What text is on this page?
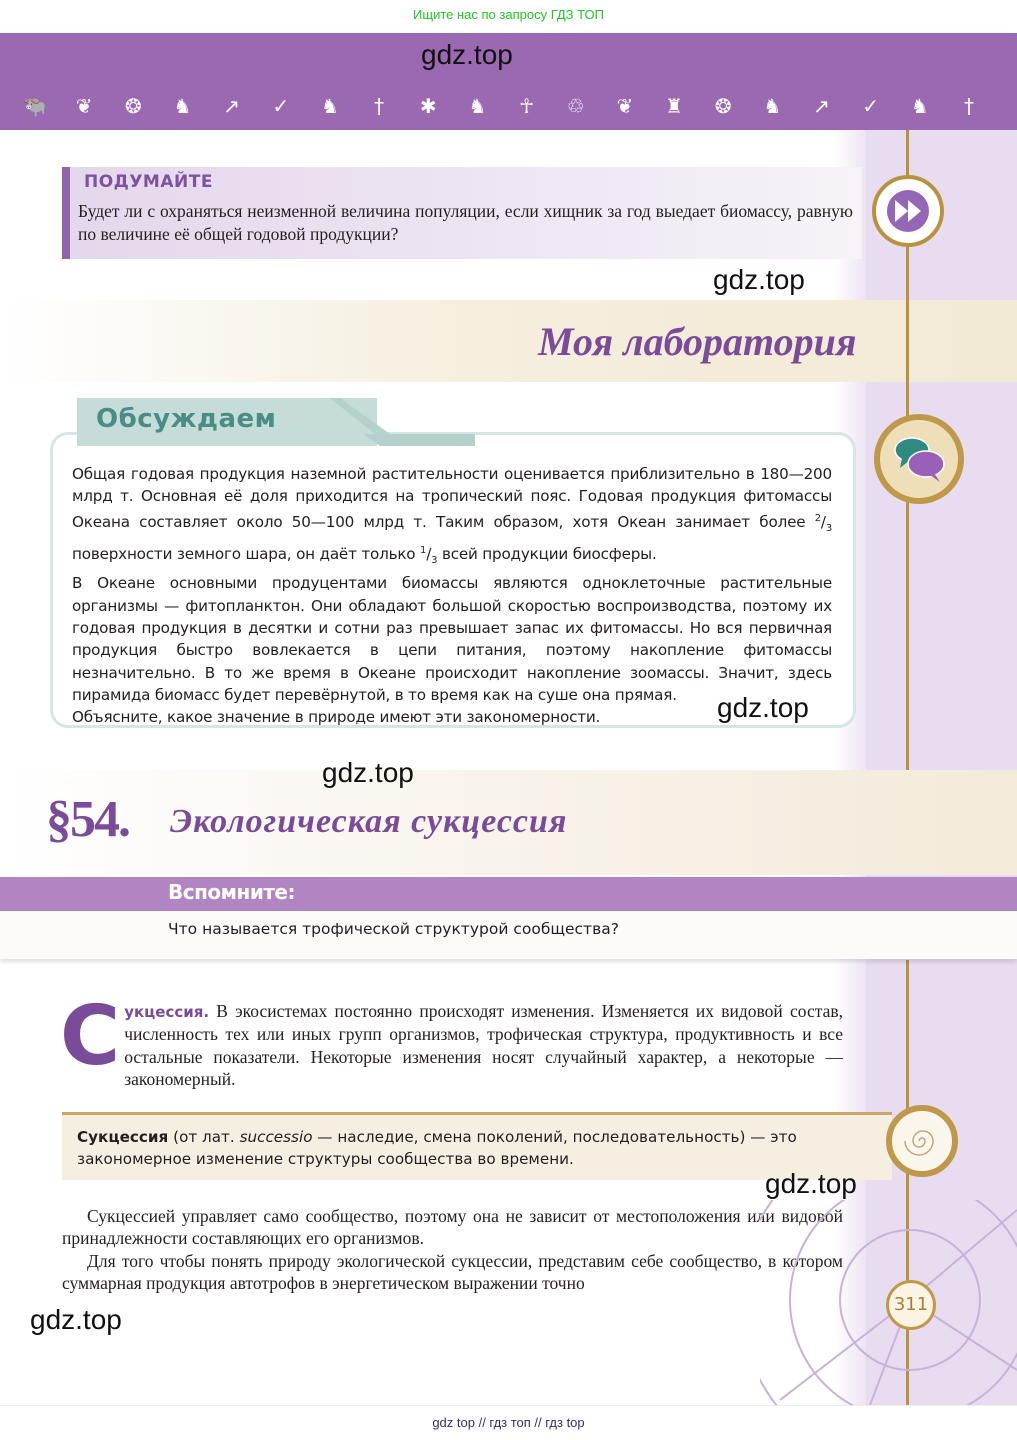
Ищите нас по запросу ГДЗ ТОП
gdz.top
🐃 ❦ ❂ ♞ ↗ ✓ ♞	†	✱ ♞ ☥ ♲ ❦ ♜ ❂ ♞ ↗ ✓ ♞	†
ПОДУМАЙТЕ
Будет ли с охраняться неизменной величина популяции, если хищник за год выедает биомассу, равную по величине её общей годовой продукции?
gdz.top
Моя лаборатория
Обсуждаем

Общая годовая продукция наземной растительности оценивается приблизительно в 180—200 млрд т. Основная её доля приходится на тропический пояс. Годовая продукция фитомассы Океана составляет около 50—100 млрд т. Таким образом, хотя Океан занимает более $^2/_3$ поверхности земного шара, он даёт только $^1/_3$ всей продукции биосферы.

В Океане основными продуцентами биомассы являются одноклеточные растительные организмы — фитопланктон. Они обладают большой скоростью воспроизводства, поэтому их годовая продукция в десятки и сотни раз превышает запас их фитомассы. Но вся первичная продукция быстро вовлекается в цепи питания, поэтому накопление фитомассы незначительно. В то же время в Океане происходит накопление зоомассы. Значит, здесь пирамида биомасс будет перевёрнутой, в то время как на суше она прямая.

Объясните, какое значение в природе имеют эти закономерности.	gdz.top
gdz.top
§54. Экологическая сукцессия
Вспомните:
Что называется трофической структурой сообщества?
Сукцессия. В экосистемах постоянно происходят изменения. Изменяется их видовой состав, численность тех или иных групп организмов, трофическая структура, продуктивность и все остальные показатели. Некоторые изменения носят случайный характер, а некоторые — закономерный.
Сукцессия (от лат. successio — наследие, смена поколений, последовательность) — это закономерное изменение структуры сообщества во времени.
gdz.top

Сукцессией управляет само сообщество, поэтому она не зависит от местоположения или видовой принадлежности составляющих его организмов.

Для того чтобы понять природу экологической сукцессии, представим себе сообщество, в котором суммарная продукция автотрофов в энергетическом выражении точно

311
gdz.top
gdz top // гдз топ // гдз top
